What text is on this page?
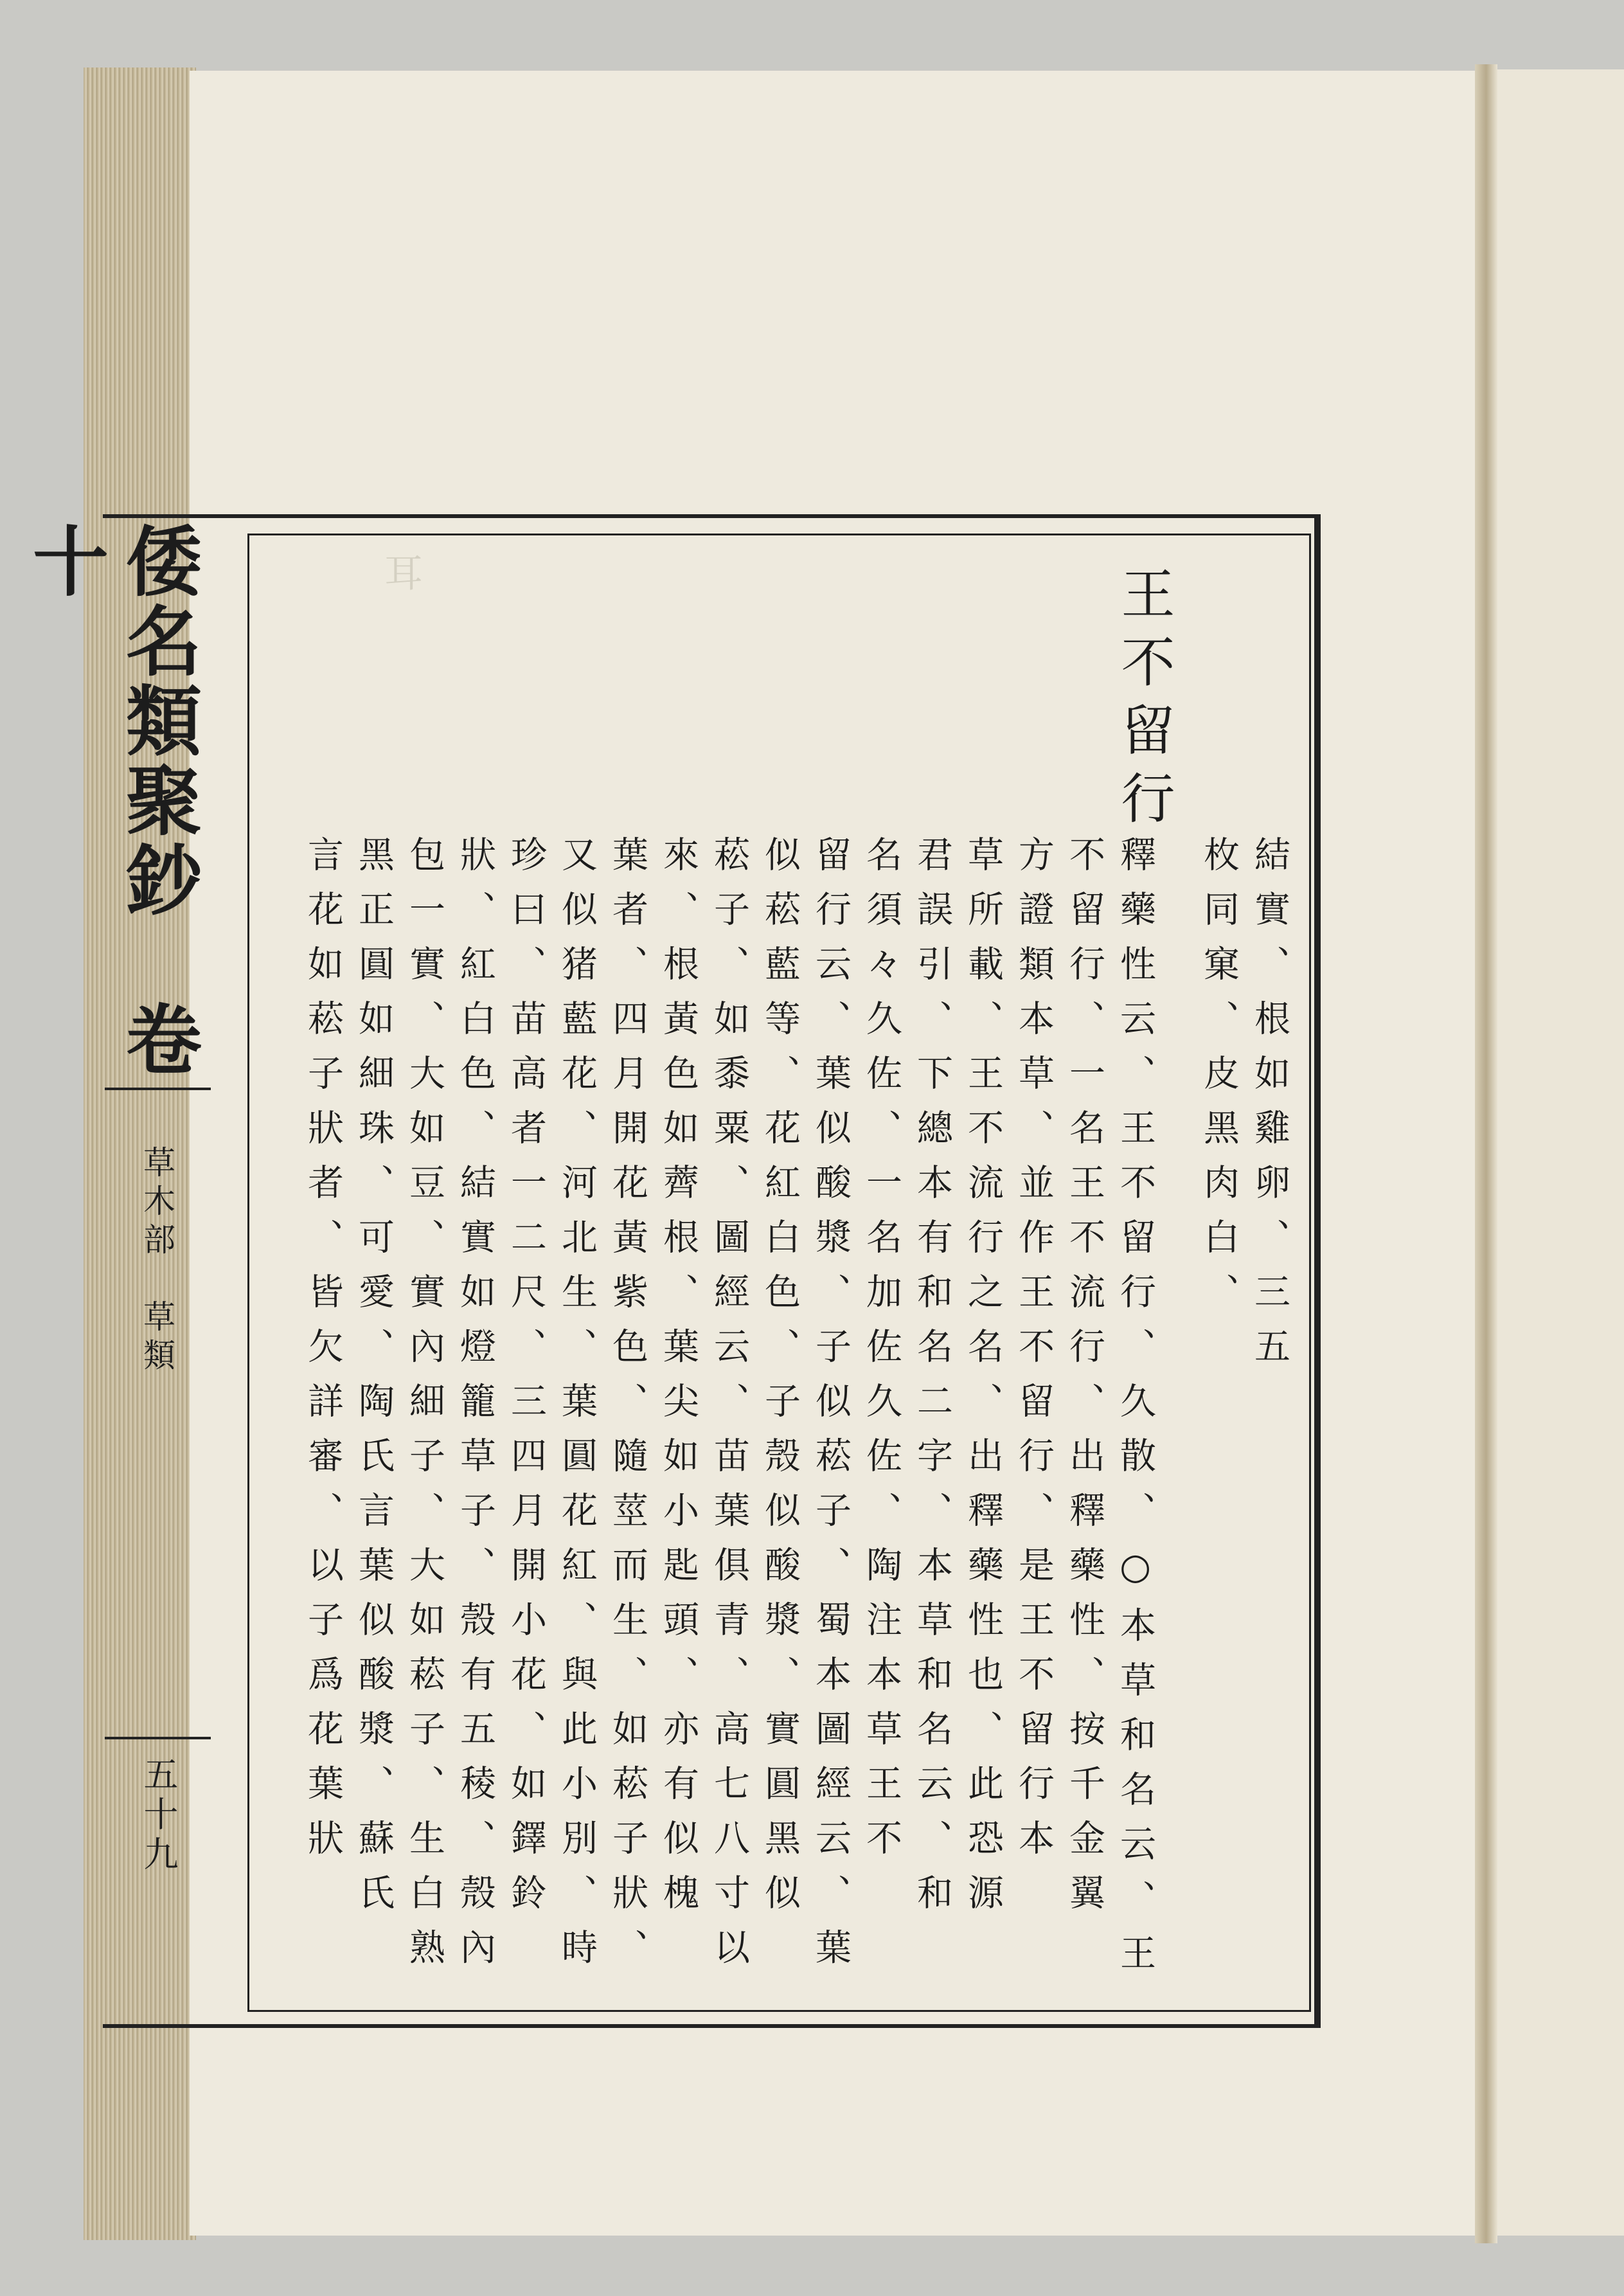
倭名類聚鈔　卷十
草木部　草類
五十九
耳	王不留行
結實、根如雞卵、三五
枚同窠、皮黑肉白、
釋藥性云、王不留行、久散、○本草和名云、王
不留行、一名王不流行、出釋藥性、按千金翼
方證類本草、並作王不留行、是王不留行本
草所載、王不流行之名、出釋藥性也、此恐源
君誤引、下總本有和名二字、本草和名云、和
名須々久佐、一名加佐久佐、陶注本草王不
留行云、葉似酸漿、子似菘子、蜀本圖經云、葉
似菘藍等、花紅白色、子殼似酸漿、實圓黑似
菘子、如黍粟、圖經云、苗葉俱青、高七八寸以
來、根黃色如薺根、葉尖如小匙頭、亦有似槐
葉者、四月開花黃紫色、隨莖而生、如菘子狀、
又似猪藍花、河北生、葉圓花紅、與此小別、時
珍曰、苗高者一二尺、三四月開小花、如鐸鈴
狀、紅白色、結實如燈籠草子、殼有五稜、殼內
包一實、大如豆、實內細子、大如菘子、生白熟
黑正圓如細珠、可愛、陶氏言葉似酸漿、蘇氏
言花如菘子狀者、皆欠詳審、以子爲花葉狀
